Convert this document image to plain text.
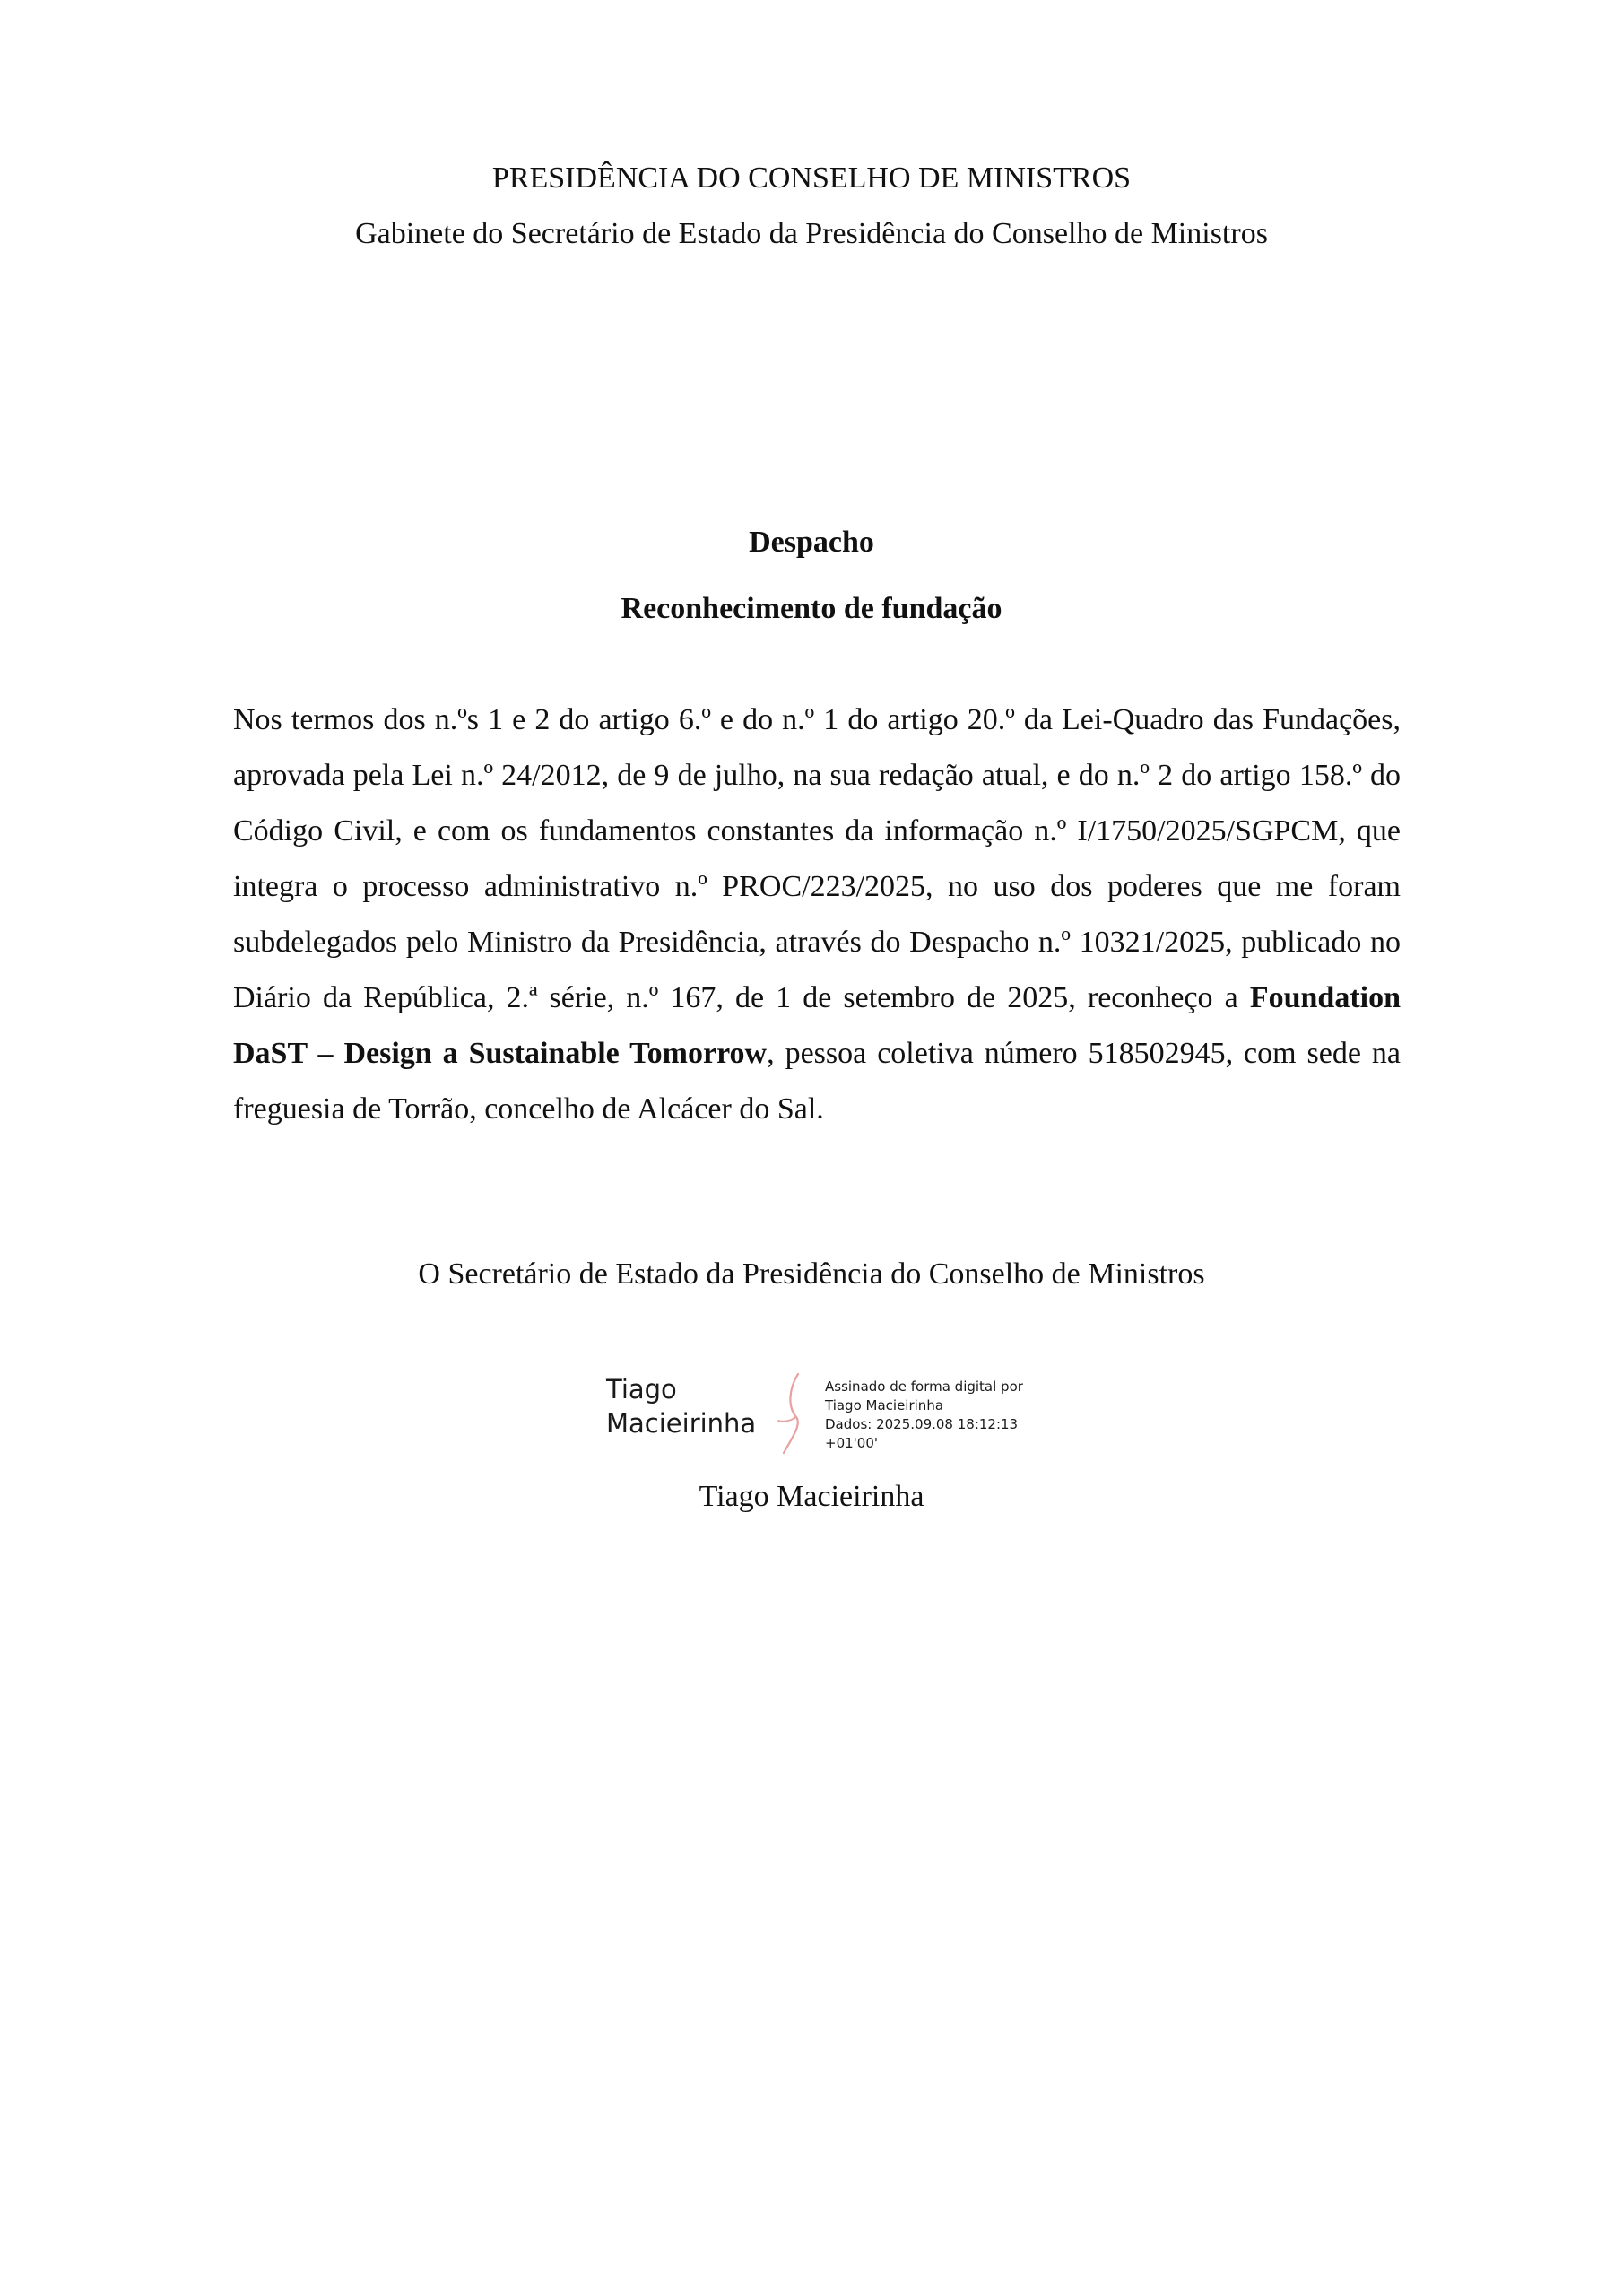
PRESIDÊNCIA DO CONSELHO DE MINISTROS
Gabinete do Secretário de Estado da Presidência do Conselho de Ministros
Despacho
Reconhecimento de fundação

Nos termos dos n.ºs 1 e 2 do artigo 6.º e do n.º 1 do artigo 20.º da Lei-Quadro das Fundações, aprovada pela Lei n.º 24/2012, de 9 de julho, na sua redação atual, e do n.º 2 do artigo 158.º do Código Civil, e com os fundamentos constantes da informação n.º I/1750/2025/SGPCM, que integra o processo administrativo n.º PROC/223/2025, no uso dos poderes que me foram subdelegados pelo Ministro da Presidência, através do Despacho n.º 10321/2025, publicado no Diário da República, 2.ª série, n.º 167, de 1 de setembro de 2025, reconheço a Foundation DaST – Design a Sustainable Tomorrow, pessoa coletiva número 518502945, com sede na freguesia de Torrão, concelho de Alcácer do Sal.

O Secretário de Estado da Presidência do Conselho de Ministros
Tiago
Macieirinha
Assinado de forma digital por
Tiago Macieirinha
Dados: 2025.09.08 18:12:13
+01'00'
Tiago Macieirinha
